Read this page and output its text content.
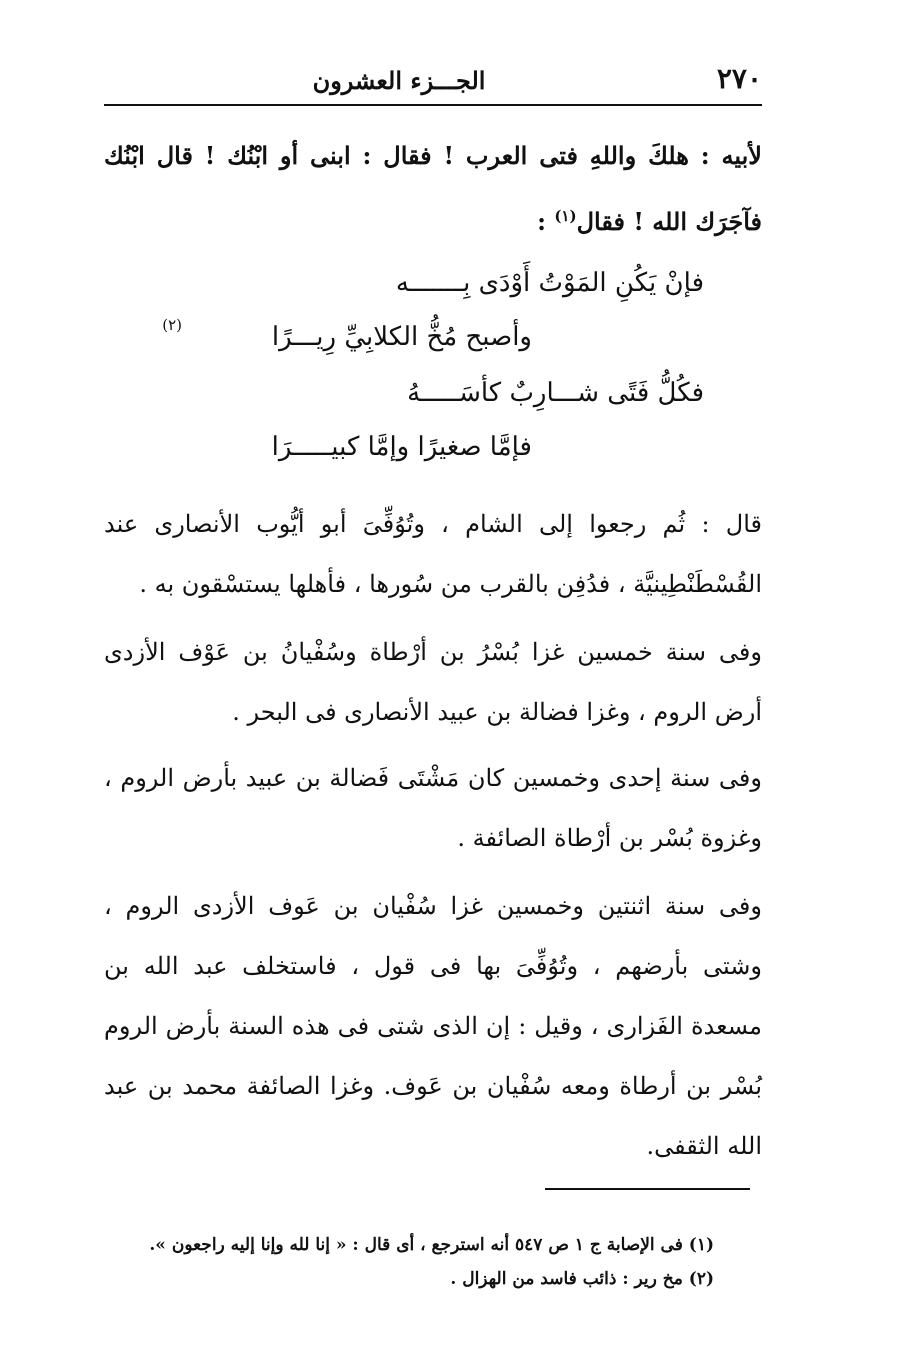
٢٧٠
الجـــزء العشرون
لأبيه : هلكَ واللهِ فتى العرب ! فقال : ابنى أو ابْنُك ! قال ابْنُك فآجَرَك الله ! فقال$^{(١)}$ :
فإنْ يَكُنِ المَوْتُ أَوْدَى بِـــــــه
وأصبح مُخُّ الكلابِيِّ رِيـــرًا
(٢)
فكُلُّ فَتًى شـــارِبٌ كأسَـــــهُ
فإمَّا صغيرًا وإمَّا كبيـــــرَا
قال : ثُم رجعوا إلى الشام ، وتُوُفِّىَ أبو أيُّوب الأنصارى عند القُسْطَنْطِينيَّة ، فدُفِن بالقرب من سُورها ، فأهلها يستسْقون به .
وفى سنة خمسين غزا بُسْرُ بن أرْطاة وسُفْيانُ بن عَوْف الأزدى أرض الروم ، وغزا فضالة بن عبيد الأنصارى فى البحر .
وفى سنة إحدى وخمسين كان مَشْتَى فَضالة بن عبيد بأرض الروم ، وغزوة بُسْر بن أرْطاة الصائفة .
وفى سنة اثنتين وخمسين غزا سُفْيان بن عَوف الأزدى الروم ، وشتى بأرضهم ، وتُوُفِّىَ بها فى قول ، فاستخلف عبد الله بن مسعدة الفَزارى ، وقيل : إن الذى شتى فى هذه السنة بأرض الروم بُسْر بن أرطاة ومعه سُفْيان بن عَوف. وغزا الصائفة محمد بن عبد الله الثقفى.
(١) فى الإصابة ج ١ ص ٥٤٧ أنه استرجع ، أى قال : « إنا لله وإنا إليه راجعون ».
(٢) مخ رير : ذائب فاسد من الهزال .
